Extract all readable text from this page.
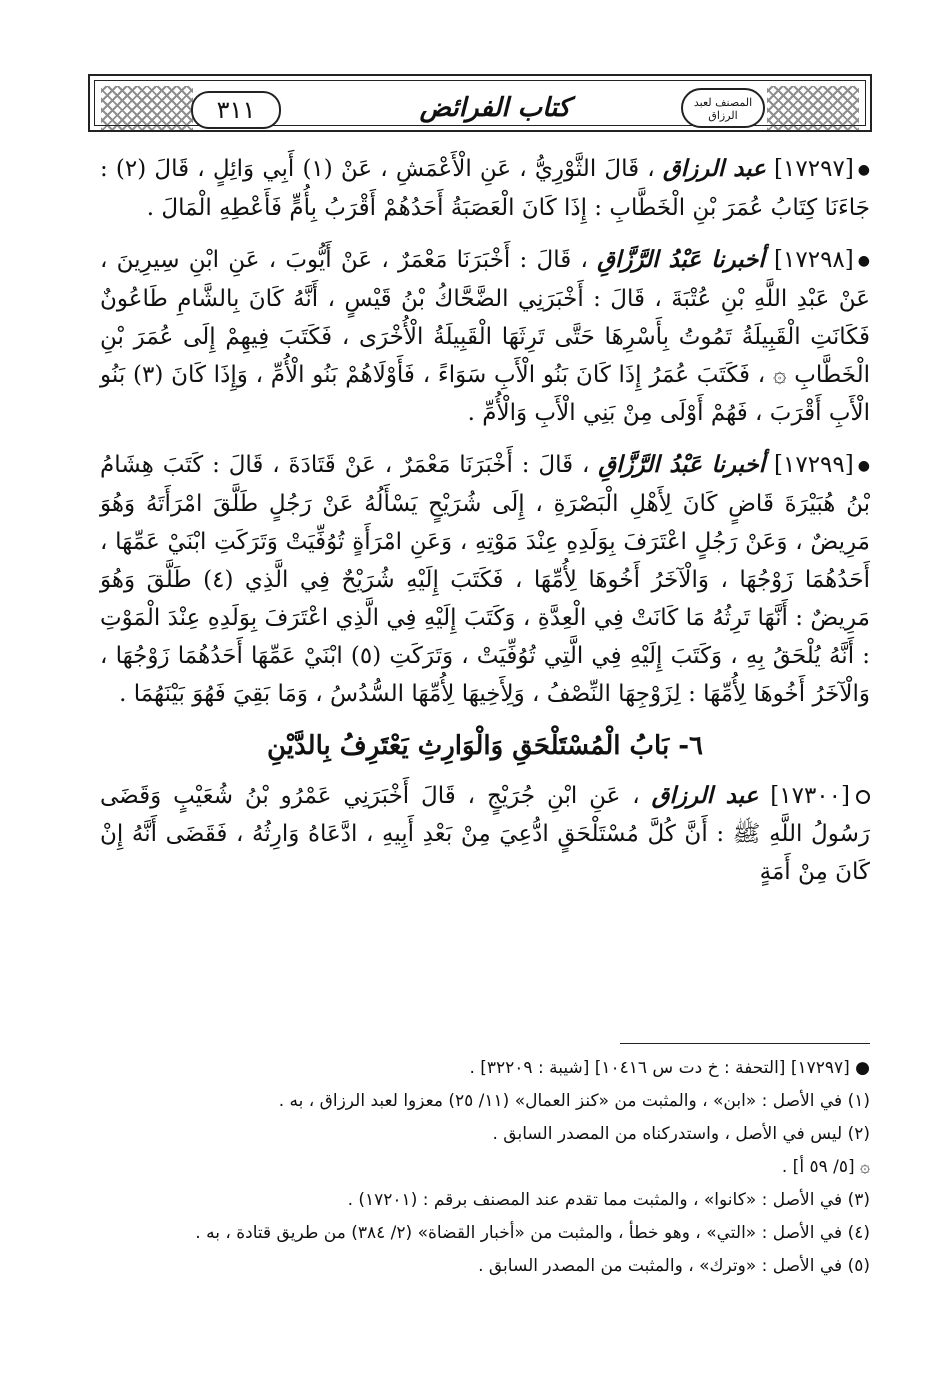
٣١١	كتاب الفرائض	المصنف لعبد الرزاق

●[١٧٢٩٧] عبد الرزاق ، قَالَ الثَّوْرِيُّ ، عَنِ الْأَعْمَشِ ، عَنْ (١) أَبِي وَائِلٍ ، قَالَ (٢) : جَاءَنَا كِتَابُ عُمَرَ بْنِ الْخَطَّابِ : إِذَا كَانَ الْعَصَبَةُ أَحَدُهُمْ أَقْرَبُ بِأُمٍّ فَأَعْطِهِ الْمَالَ .

●[١٧٢٩٨] أخبرنا عَبْدُ الرَّزَّاقِ ، قَالَ : أَخْبَرَنَا مَعْمَرٌ ، عَنْ أَيُّوبَ ، عَنِ ابْنِ سِيرِينَ ، عَنْ عَبْدِ اللَّهِ بْنِ عُتْبَةَ ، قَالَ : أَخْبَرَنِي الضَّحَّاكُ بْنُ قَيْسٍ ، أَنَّهُ كَانَ بِالشَّامِ طَاعُونٌ فَكَانَتِ الْقَبِيلَةُ تَمُوتُ بِأَسْرِهَا حَتَّى تَرِثَهَا الْقَبِيلَةُ الْأُخْرَى ، فَكَتَبَ فِيهِمْ إِلَى عُمَرَ بْنِ الْخَطَّابِ ۞ ، فَكَتَبَ عُمَرُ إِذَا كَانَ بَنُو الْأَبِ سَوَاءً ، فَأَوْلَاهُمْ بَنُو الْأُمِّ ، وَإِذَا كَانَ (٣) بَنُو الْأَبِ أَقْرَبَ ، فَهُمْ أَوْلَى مِنْ بَنِي الْأَبِ وَالْأُمِّ .

●[١٧٢٩٩] أخبرنا عَبْدُ الرَّزَّاقِ ، قَالَ : أَخْبَرَنَا مَعْمَرٌ ، عَنْ قَتَادَةَ ، قَالَ : كَتَبَ هِشَامُ بْنُ هُبَيْرَةَ قَاضٍ كَانَ لِأَهْلِ الْبَصْرَةِ ، إِلَى شُرَيْحٍ يَسْأَلُهُ عَنْ رَجُلٍ طَلَّقَ امْرَأَتَهُ وَهُوَ مَرِيضٌ ، وَعَنْ رَجُلٍ اعْتَرَفَ بِوَلَدِهِ عِنْدَ مَوْتِهِ ، وَعَنِ امْرَأَةٍ تُوُفِّيَتْ وَتَرَكَتِ ابْنَيْ عَمِّهَا ، أَحَدُهُمَا زَوْجُهَا ، وَالْآخَرُ أَخُوهَا لِأُمِّهَا ، فَكَتَبَ إِلَيْهِ شُرَيْحٌ فِي الَّذِي (٤) طَلَّقَ وَهُوَ مَرِيضٌ : أَنَّهَا تَرِثُهُ مَا كَانَتْ فِي الْعِدَّةِ ، وَكَتَبَ إِلَيْهِ فِي الَّذِي اعْتَرَفَ بِوَلَدِهِ عِنْدَ الْمَوْتِ : أَنَّهُ يُلْحَقُ بِهِ ، وَكَتَبَ إِلَيْهِ فِي الَّتِي تُوُفِّيَتْ ، وَتَرَكَتِ (٥) ابْنَيْ عَمِّهَا أَحَدُهُمَا زَوْجُهَا ، وَالْآخَرُ أَخُوهَا لِأُمِّهَا : لِزَوْجِهَا النِّصْفُ ، وَلِأَخِيهَا لِأُمِّهَا السُّدُسُ ، وَمَا بَقِيَ فَهُوَ بَيْنَهُمَا .

٦- بَابُ الْمُسْتَلْحَقِ وَالْوَارِثِ يَعْتَرِفُ بِالدَّيْنِ

[١٧٣٠٠] عبد الرزاق ، عَنِ ابْنِ جُرَيْجٍ ، قَالَ أَخْبَرَنِي عَمْرُو بْنُ شُعَيْبٍ وَقَضَى رَسُولُ اللَّهِ ﷺ : أَنَّ كُلَّ مُسْتَلْحَقٍ ادُّعِيَ مِنْ بَعْدِ أَبِيهِ ، ادَّعَاهُ وَارِثُهُ ، فَقَضَى أَنَّهُ إِنْ كَانَ مِنْ أَمَةٍ

● [١٧٢٩٧] [التحفة : خ دت س ١٠٤١٦] [شيبة : ٣٢٢٠٩] .

(١) في الأصل : «ابن» ، والمثبت من «كنز العمال» (١١/ ٢٥) معزوا لعبد الرزاق ، به .

(٢) ليس في الأصل ، واستدركناه من المصدر السابق .

۞ [٥/ ٥٩ أ] .

(٣) في الأصل : «كانوا» ، والمثبت مما تقدم عند المصنف برقم : (١٧٢٠١) .

(٤) في الأصل : «التي» ، وهو خطأ ، والمثبت من «أخبار القضاة» (٢/ ٣٨٤) من طريق قتادة ، به .

(٥) في الأصل : «وترك» ، والمثبت من المصدر السابق .
